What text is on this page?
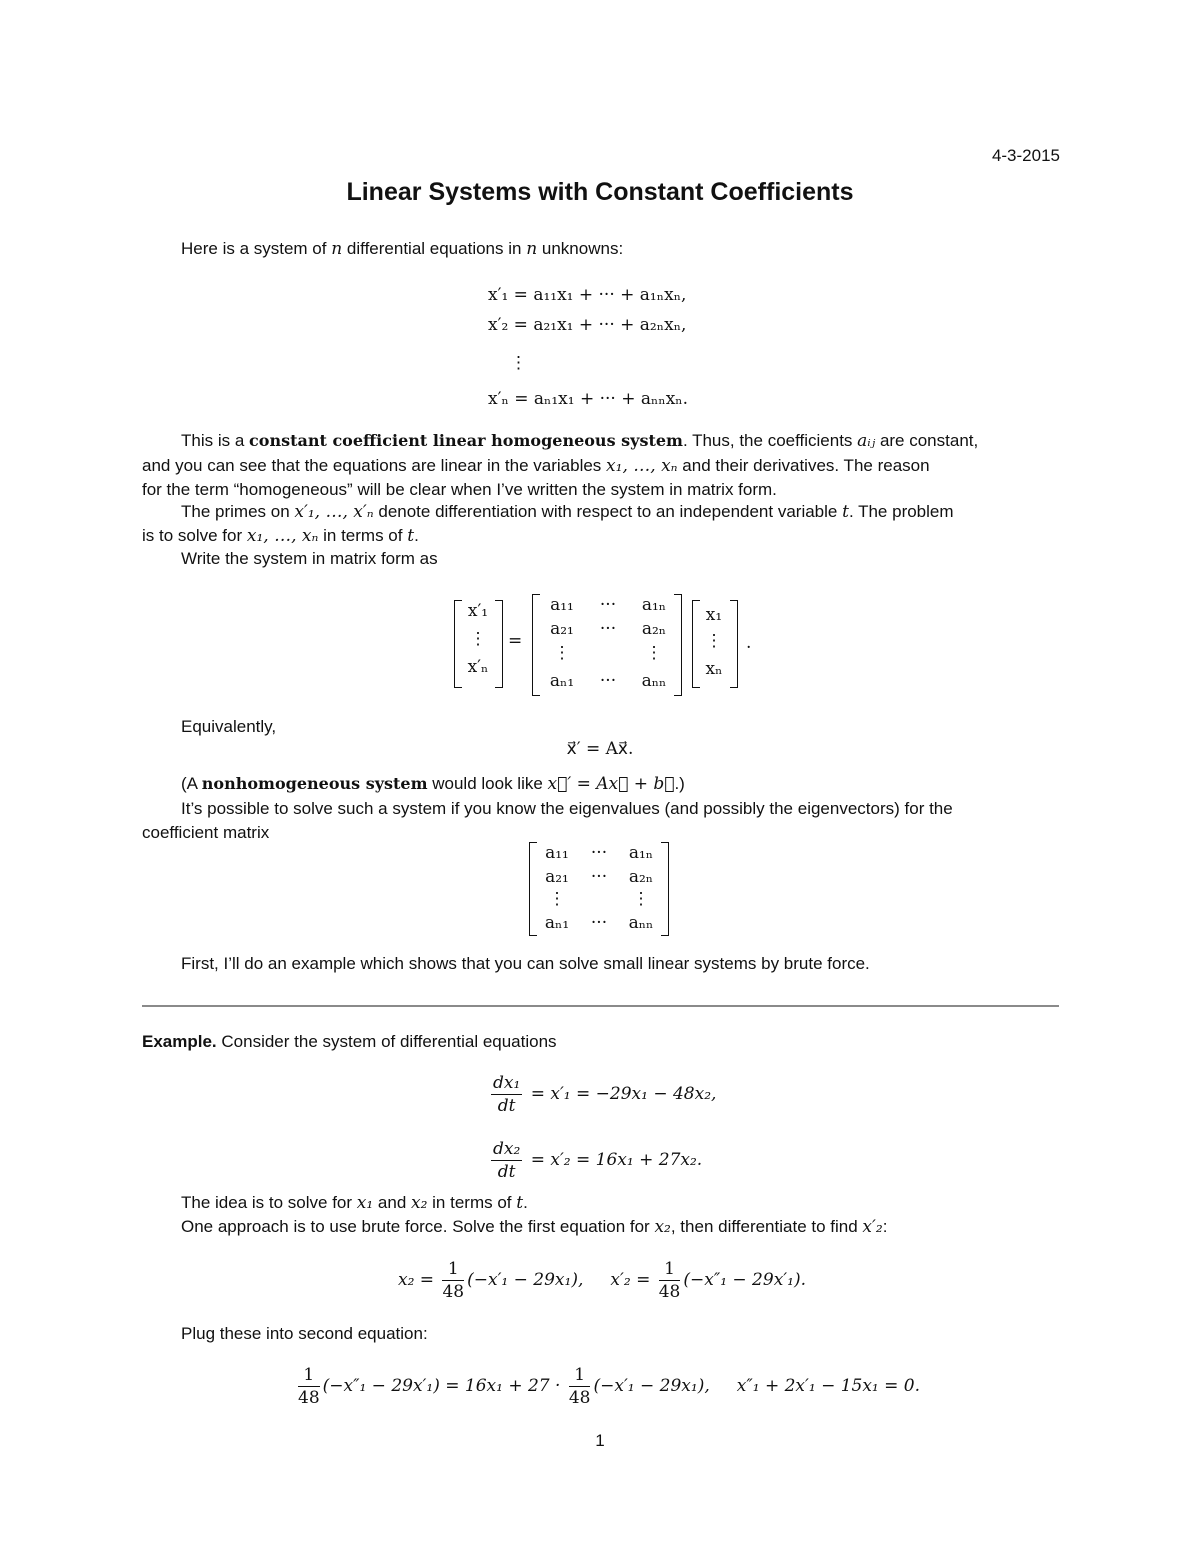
4-3-2015
Linear Systems with Constant Coefficients
Here is a system of n differential equations in n unknowns:
x′₁ = a₁₁x₁ + ··· + a₁ₙxₙ,
x′₂ = a₂₁x₁ + ··· + a₂ₙxₙ,
⋮
x′ₙ = aₙ₁x₁ + ··· + aₙₙxₙ.
This is a constant coefficient linear homogeneous system. Thus, the coefficients aᵢⱼ are constant,
and you can see that the equations are linear in the variables x₁, …, xₙ and their derivatives. The reason
for the term “homogeneous” will be clear when I’ve written the system in matrix form.
The primes on x′₁, …, x′ₙ denote differentiation with respect to an independent variable t. The problem
is to solve for x₁, …, xₙ in terms of t.
Write the system in matrix form as
x′₁
⋮
x′ₙ
=
a₁₁	···	a₁ₙ
a₂₁	···	a₂ₙ
⋮	⋮
aₙ₁	···	aₙₙ
x₁
⋮
xₙ
.
Equivalently,
x⃗′ = Ax⃗.
(A nonhomogeneous system would look like x⃗′ = Ax⃗ + b⃗.)
It’s possible to solve such a system if you know the eigenvalues (and possibly the eigenvectors) for the
coefficient matrix
a₁₁	···	a₁ₙ
a₂₁	···	a₂ₙ
⋮	⋮
aₙ₁	···	aₙₙ
First, I’ll do an example which shows that you can solve small linear systems by brute force.
Example. Consider the system of differential equations
$\frac{\text{dx₁}}{dt} = x'_1 = -29x_1 - 48x_2$,
$\frac{\text{dx₂}}{dt} = x'_2 = 16x_1 + 27x_2$.
The idea is to solve for x₁ and x₂ in terms of t.
One approach is to use brute force. Solve the first equation for x₂, then differentiate to find x′₂:
$x_2 = \frac{1}{48} (-x'_1 - 29x_1)$, $x'_2 = \frac{1}{48} (-x''_1 - 29x'_1)$.
Plug these into second equation:
$\frac{1}{48} (-x''_1 - 29x'_1) = 16x_1 + 27 \cdot \frac{1}{48} (-x'_1 - 29x_1)$, x″₁ + 2x′₁ − 15x₁ = 0.
1
